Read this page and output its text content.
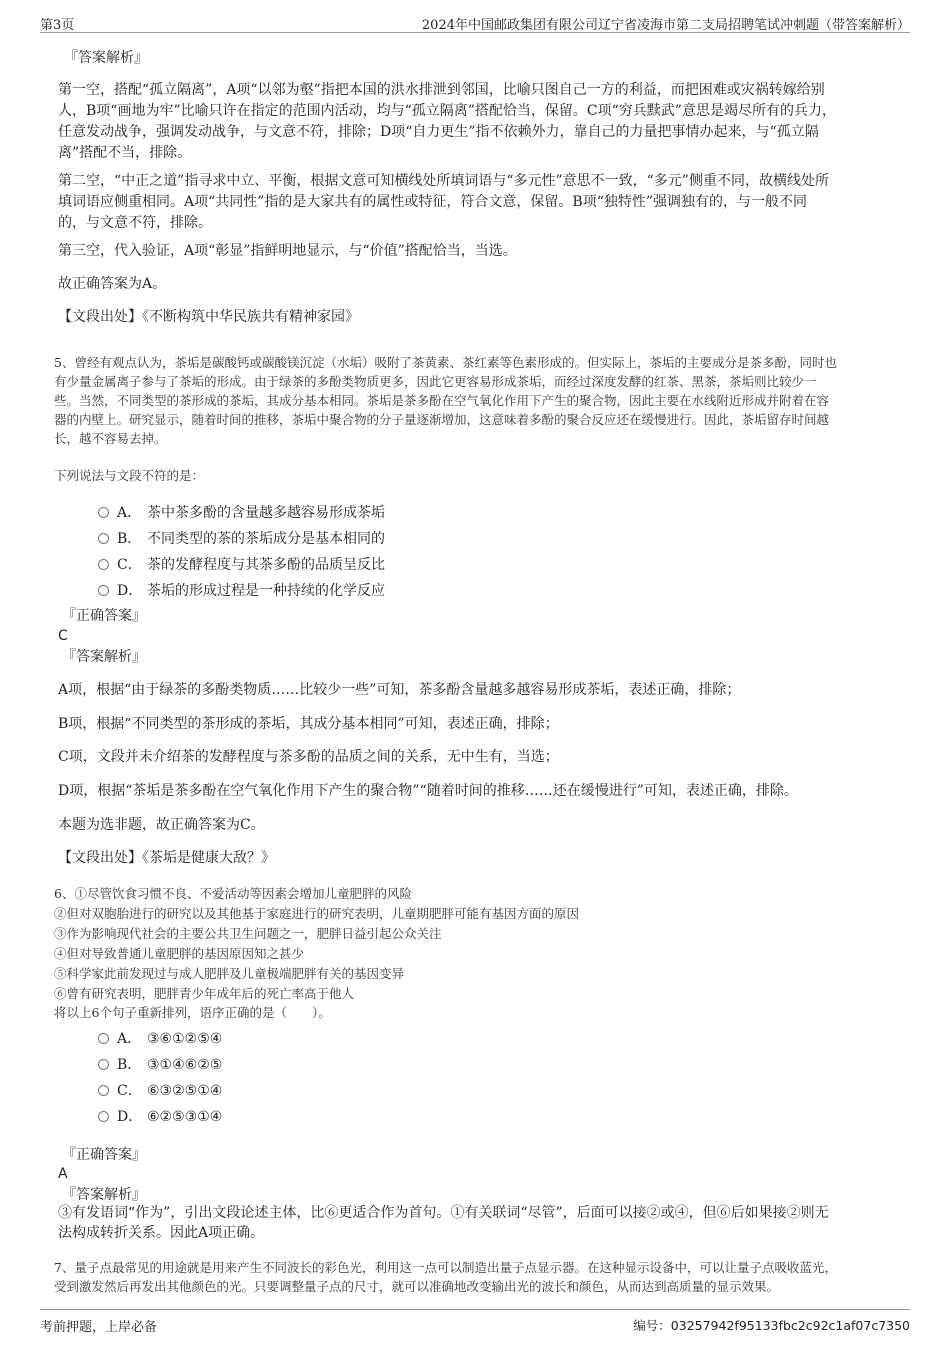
第3页	2024年中国邮政集团有限公司辽宁省凌海市第二支局招聘笔试冲刺题（带答案解析）

『答案解析』

第一空，搭配“孤立隔离”，A项“以邻为壑”指把本国的洪水排泄到邻国，比喻只图自己一方的利益，而把困难或灾祸转嫁给别

人，B项“画地为牢”比喻只许在指定的范围内活动，均与“孤立隔离”搭配恰当，保留。C项“穷兵黩武”意思是竭尽所有的兵力，

任意发动战争，强调发动战争，与文意不符，排除；D项“自力更生”指不依赖外力，靠自己的力量把事情办起来，与“孤立隔

离”搭配不当，排除。

第二空，“中正之道”指寻求中立、平衡，根据文意可知横线处所填词语与“多元性”意思不一致，“多元”侧重不同，故横线处所

填词语应侧重相同。A项“共同性”指的是大家共有的属性或特征，符合文意，保留。B项“独特性”强调独有的，与一般不同

的，与文意不符，排除。

第三空，代入验证，A项“彰显”指鲜明地显示，与“价值”搭配恰当，当选。

故正确答案为A。

【文段出处】《不断构筑中华民族共有精神家园》

5、曾经有观点认为，茶垢是碳酸钙或碳酸镁沉淀（水垢）吸附了茶黄素、茶红素等色素形成的。但实际上，茶垢的主要成分是茶多酚，同时也

有少量金属离子参与了茶垢的形成。由于绿茶的多酚类物质更多，因此它更容易形成茶垢，而经过深度发酵的红茶、黑茶，茶垢则比较少一

些。当然，不同类型的茶形成的茶垢，其成分基本相同。茶垢是茶多酚在空气氧化作用下产生的聚合物，因此主要在水线附近形成并附着在容

器的内壁上。研究显示，随着时间的推移，茶垢中聚合物的分子量逐渐增加，这意味着多酚的聚合反应还在缓慢进行。因此，茶垢留存时间越

长，越不容易去掉。

下列说法与文段不符的是：

A． 茶中茶多酚的含量越多越容易形成茶垢
B． 不同类型的茶的茶垢成分是基本相同的
C． 茶的发酵程度与其茶多酚的品质呈反比
D． 茶垢的形成过程是一种持续的化学反应

『正确答案』

C

『答案解析』

A项，根据“由于绿茶的多酚类物质……比较少一些”可知，茶多酚含量越多越容易形成茶垢，表述正确，排除；

B项，根据“不同类型的茶形成的茶垢，其成分基本相同”可知，表述正确，排除；

C项，文段并未介绍茶的发酵程度与茶多酚的品质之间的关系，无中生有，当选；

D项，根据“茶垢是茶多酚在空气氧化作用下产生的聚合物”“随着时间的推移……还在缓慢进行”可知，表述正确，排除。

本题为选非题，故正确答案为C。

【文段出处】《茶垢是健康大敌？》

6、①尽管饮食习惯不良、不爱活动等因素会增加儿童肥胖的风险

②但对双胞胎进行的研究以及其他基于家庭进行的研究表明，儿童期肥胖可能有基因方面的原因

③作为影响现代社会的主要公共卫生问题之一，肥胖日益引起公众关注

④但对导致普通儿童肥胖的基因原因知之甚少

⑤科学家此前发现过与成人肥胖及儿童极端肥胖有关的基因变异

⑥曾有研究表明，肥胖青少年成年后的死亡率高于他人

将以上6个句子重新排列，语序正确的是（　　）。

A． ③⑥①②⑤④
B． ③①④⑥②⑤
C． ⑥③②⑤①④
D． ⑥②⑤③①④

『正确答案』

A

『答案解析』

③有发语词“作为”，引出文段论述主体，比⑥更适合作为首句。①有关联词“尽管”，后面可以接②或④，但⑥后如果接②则无

法构成转折关系。因此A项正确。

7、量子点最常见的用途就是用来产生不同波长的彩色光，利用这一点可以制造出量子点显示器。在这种显示设备中，可以让量子点吸收蓝光，

受到激发然后再发出其他颜色的光。只要调整量子点的尺寸，就可以准确地改变输出光的波长和颜色，从而达到高质量的显示效果。

考前押题，上岸必备	编号：03257942f95133fbc2c92c1af07c7350
